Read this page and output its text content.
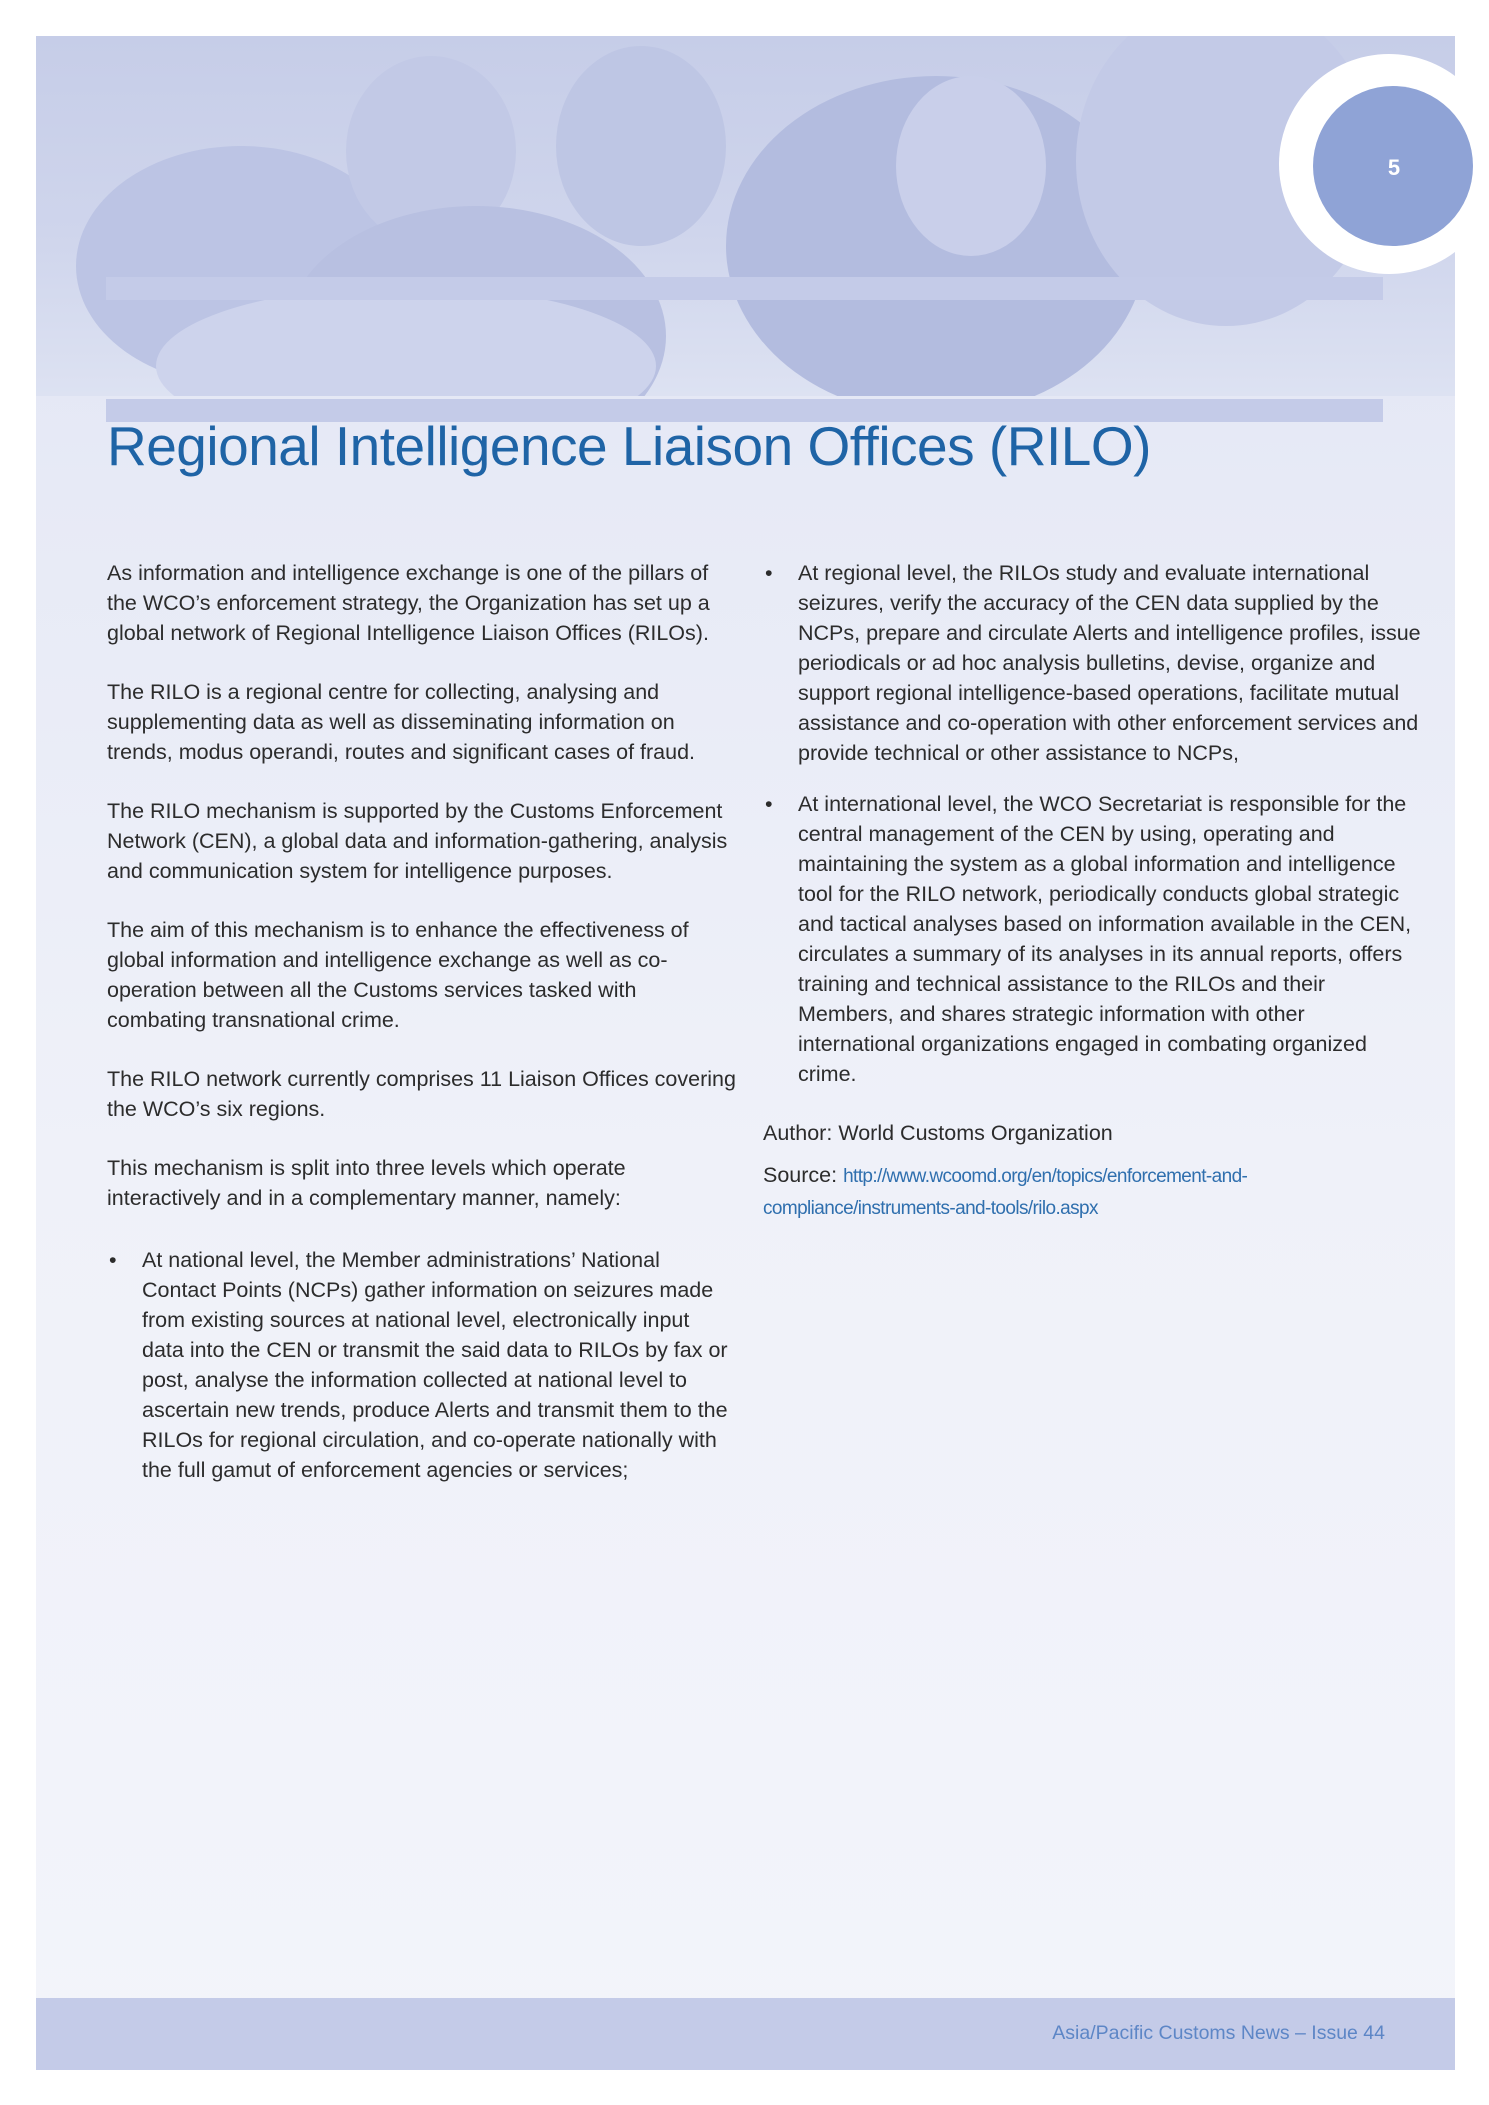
Regional Intelligence Liaison Offices (RILO)

As information and intelligence exchange is one of the pillars of the WCO’s enforcement strategy, the Organization has set up a global network of Regional Intelligence Liaison Offices (RILOs).

The RILO is a regional centre for collecting, analysing and supplementing data as well as disseminating information on trends, modus operandi, routes and significant cases of fraud.

The RILO mechanism is supported by the Customs Enforcement Network (CEN), a global data and information-gathering, analysis and communication system for intelligence purposes.

The aim of this mechanism is to enhance the effectiveness of global information and intelligence exchange as well as co-operation between all the Customs services tasked with combating transnational crime.

The RILO network currently comprises 11 Liaison Offices covering the WCO’s six regions.

This mechanism is split into three levels which operate interactively and in a complementary manner, namely:

• At national level, the Member administrations’ National Contact Points (NCPs) gather information on seizures made from existing sources at national level, electronically input data into the CEN or transmit the said data to RILOs by fax or post, analyse the information collected at national level to ascertain new trends, produce Alerts and transmit them to the RILOs for regional circulation, and co-operate nationally with the full gamut of enforcement agencies or services;
• At regional level, the RILOs study and evaluate international seizures, verify the accuracy of the CEN data supplied by the NCPs, prepare and circulate Alerts and intelligence profiles, issue periodicals or ad hoc analysis bulletins, devise, organize and support regional intelligence-based operations, facilitate mutual assistance and co-operation with other enforcement services and provide technical or other assistance to NCPs,
• At international level, the WCO Secretariat is responsible for the central management of the CEN by using, operating and maintaining the system as a global information and intelligence tool for the RILO network, periodically conducts global strategic and tactical analyses based on information available in the CEN, circulates a summary of its analyses in its annual reports, offers training and technical assistance to the RILOs and their Members, and shares strategic information with other international organizations engaged in combating organized crime.
Author: World Customs Organization
Source: http://www.wcoomd.org/en/topics/enforcement-and-compliance/instruments-and-tools/rilo.aspx
Asia/Pacific Customs News – Issue 44
5
